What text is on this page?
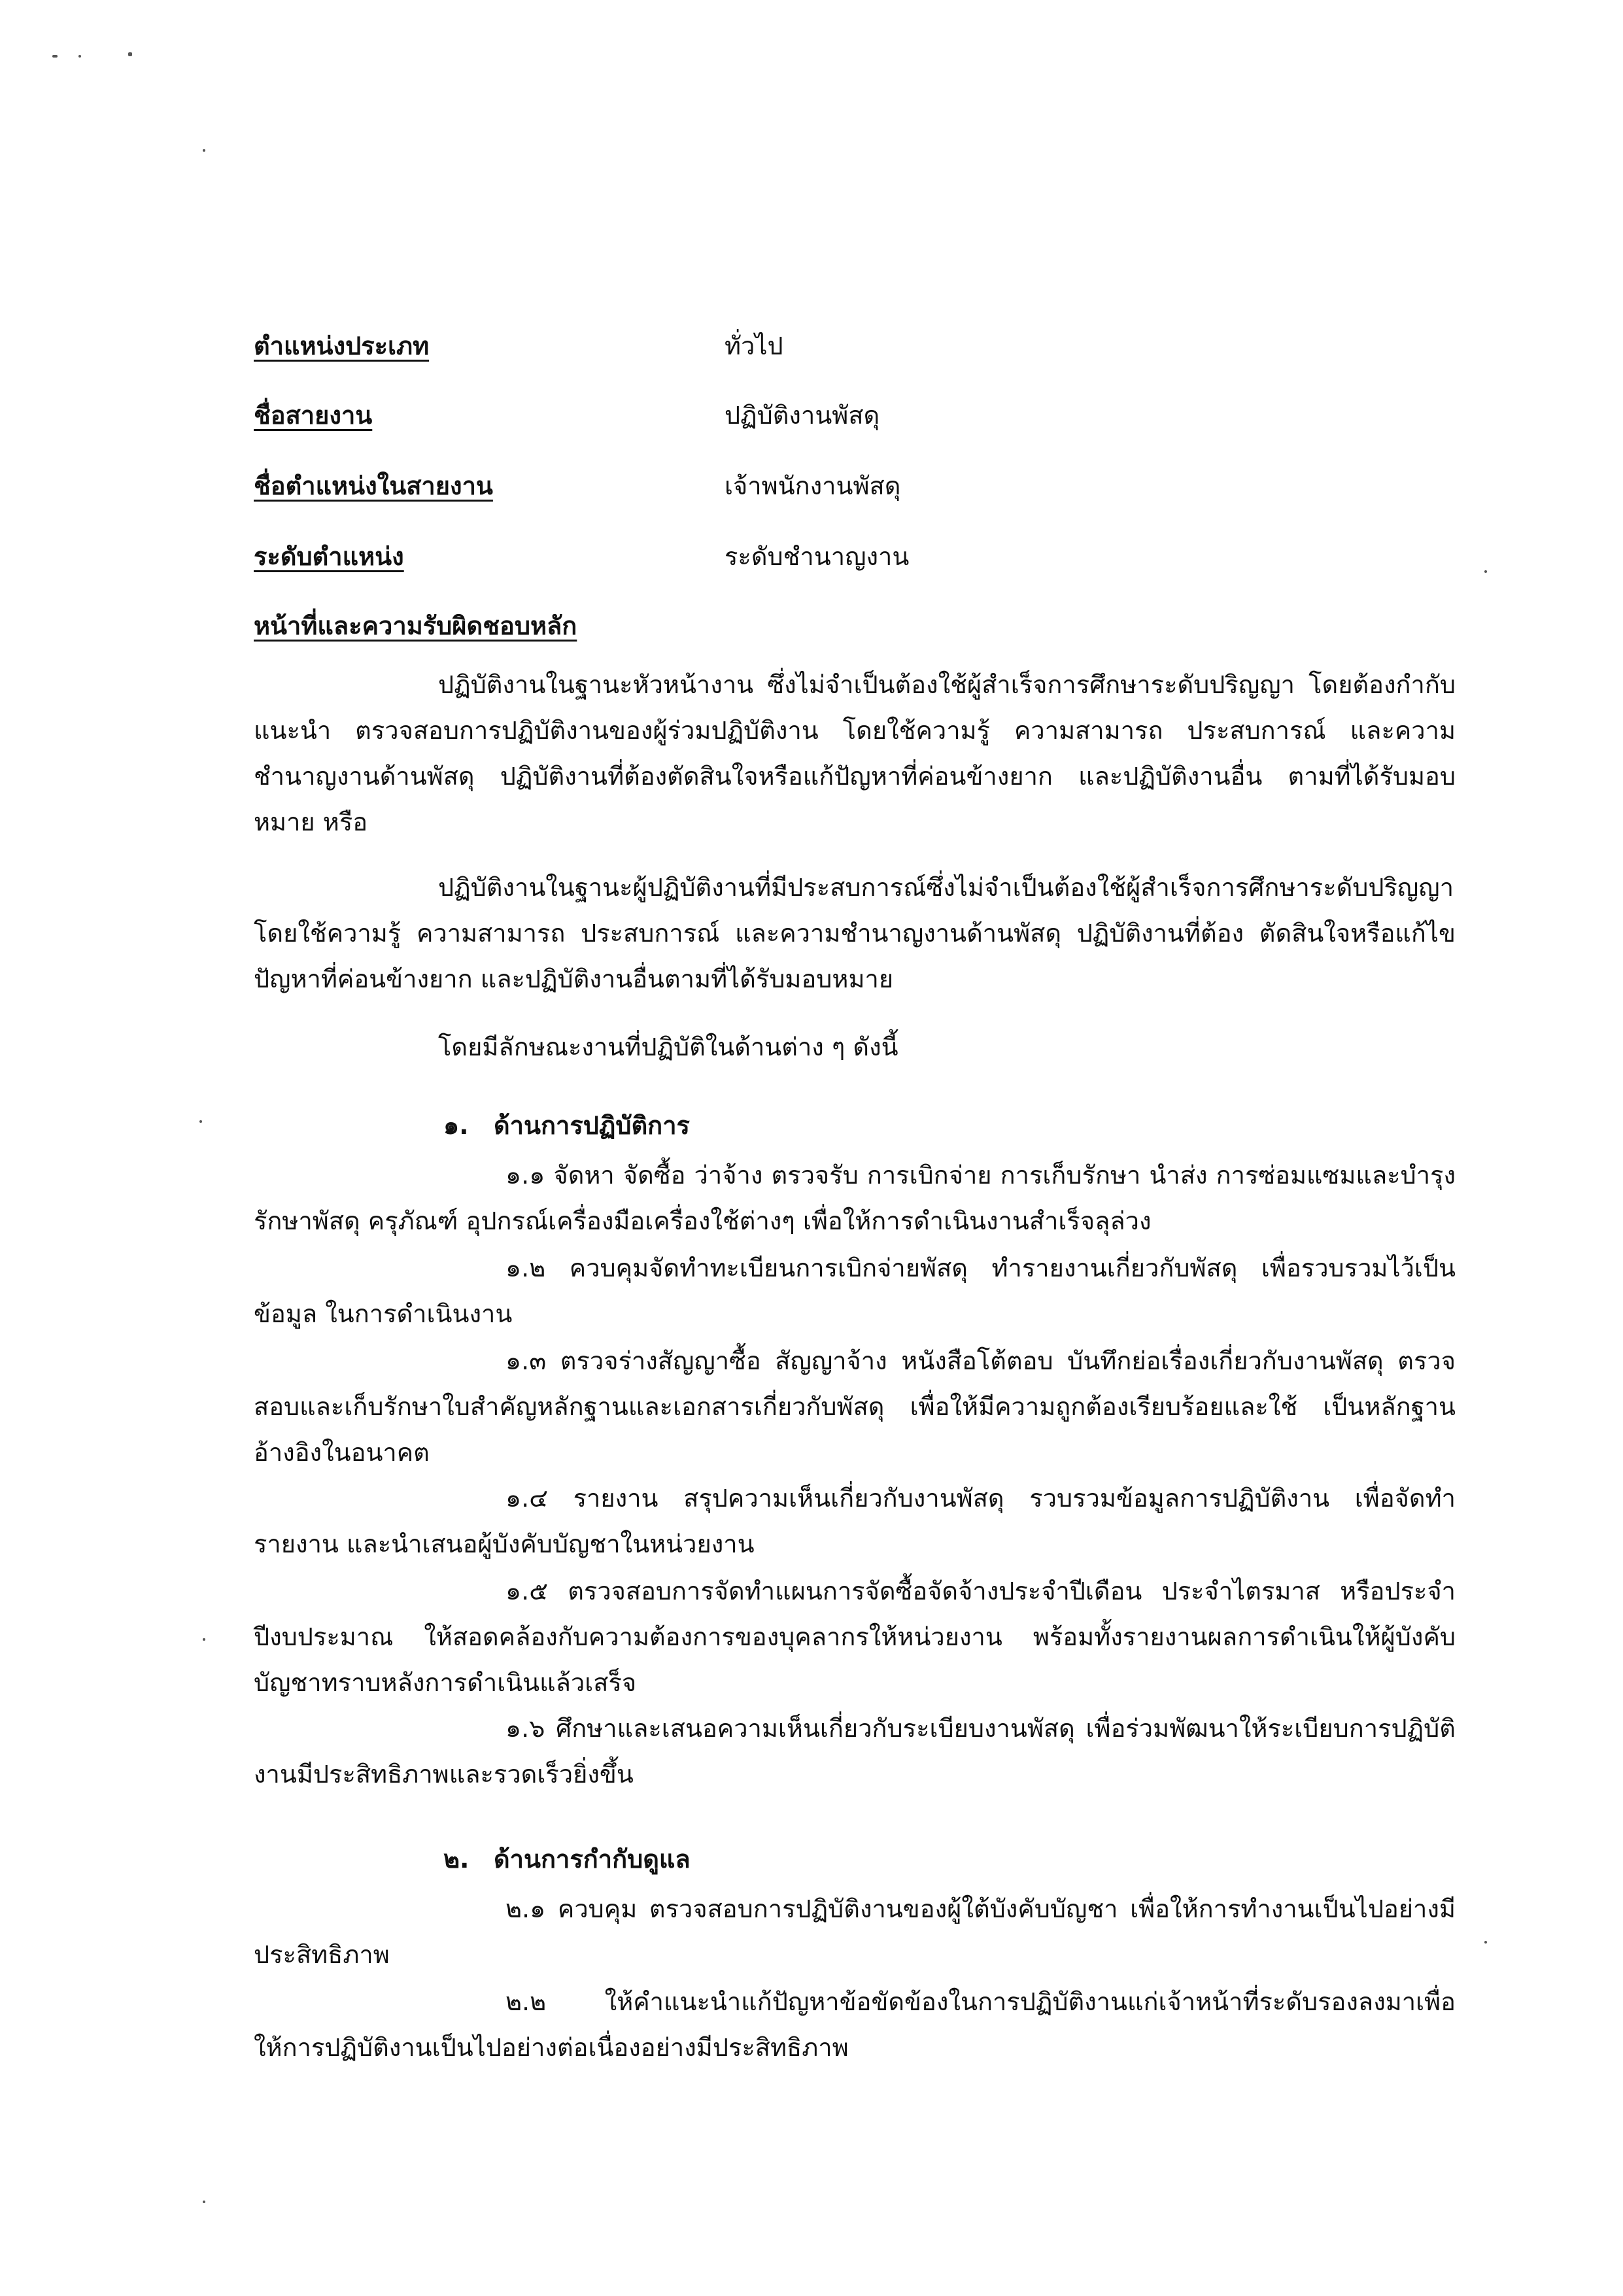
ตำแหน่งประเภท	ทั่วไป
ชื่อสายงาน	ปฏิบัติงานพัสดุ
ชื่อตำแหน่งในสายงาน	เจ้าพนักงานพัสดุ
ระดับตำแหน่ง	ระดับชำนาญงาน
หน้าที่และความรับผิดชอบหลัก
ปฏิบัติงานในฐานะหัวหน้างาน ซึ่งไม่จำเป็นต้องใช้ผู้สำเร็จการศึกษาระดับปริญญา โดยต้องกำกับ แนะนำ ตรวจสอบการปฏิบัติงานของผู้ร่วมปฏิบัติงาน โดยใช้ความรู้ ความสามารถ ประสบการณ์ และความชำนาญงานด้านพัสดุ ปฏิบัติงานที่ต้องตัดสินใจหรือแก้ปัญหาที่ค่อนข้างยาก และปฏิบัติงานอื่น ตามที่ได้รับมอบหมาย หรือ
ปฏิบัติงานในฐานะผู้ปฏิบัติงานที่มีประสบการณ์ซึ่งไม่จำเป็นต้องใช้ผู้สำเร็จการศึกษาระดับปริญญา โดยใช้ความรู้ ความสามารถ ประสบการณ์ และความชำนาญงานด้านพัสดุ ปฏิบัติงานที่ต้อง ตัดสินใจหรือแก้ไขปัญหาที่ค่อนข้างยาก และปฏิบัติงานอื่นตามที่ได้รับมอบหมาย
โดยมีลักษณะงานที่ปฏิบัติในด้านต่าง ๆ ดังนี้
๑. ด้านการปฏิบัติการ
๑.๑ จัดหา จัดซื้อ ว่าจ้าง ตรวจรับ การเบิกจ่าย การเก็บรักษา นำส่ง การซ่อมแซมและบำรุงรักษาพัสดุ ครุภัณฑ์ อุปกรณ์เครื่องมือเครื่องใช้ต่างๆ เพื่อให้การดำเนินงานสำเร็จลุล่วง
๑.๒ ควบคุมจัดทำทะเบียนการเบิกจ่ายพัสดุ ทำรายงานเกี่ยวกับพัสดุ เพื่อรวบรวมไว้เป็นข้อมูล ในการดำเนินงาน
๑.๓ ตรวจร่างสัญญาซื้อ สัญญาจ้าง หนังสือโต้ตอบ บันทึกย่อเรื่องเกี่ยวกับงานพัสดุ ตรวจสอบและเก็บรักษาใบสำคัญหลักฐานและเอกสารเกี่ยวกับพัสดุ เพื่อให้มีความถูกต้องเรียบร้อยและใช้ เป็นหลักฐานอ้างอิงในอนาคต
๑.๔ รายงาน สรุปความเห็นเกี่ยวกับงานพัสดุ รวบรวมข้อมูลการปฏิบัติงาน เพื่อจัดทำรายงาน และนำเสนอผู้บังคับบัญชาในหน่วยงาน
๑.๕ ตรวจสอบการจัดทำแผนการจัดซื้อจัดจ้างประจำปีเดือน ประจำไตรมาส หรือประจำปีงบประมาณ ให้สอดคล้องกับความต้องการของบุคลากรให้หน่วยงาน พร้อมทั้งรายงานผลการดำเนินให้ผู้บังคับบัญชาทราบหลังการดำเนินแล้วเสร็จ
๑.๖ ศึกษาและเสนอความเห็นเกี่ยวกับระเบียบงานพัสดุ เพื่อร่วมพัฒนาให้ระเบียบการปฏิบัติงานมีประสิทธิภาพและรวดเร็วยิ่งขึ้น
๒. ด้านการกำกับดูแล
๒.๑ ควบคุม ตรวจสอบการปฏิบัติงานของผู้ใต้บังคับบัญชา เพื่อให้การทำงานเป็นไปอย่างมีประสิทธิภาพ
๒.๒ ให้คำแนะนำแก้ปัญหาข้อขัดข้องในการปฏิบัติงานแก่เจ้าหน้าที่ระดับรองลงมาเพื่อให้การปฏิบัติงานเป็นไปอย่างต่อเนื่องอย่างมีประสิทธิภาพ
